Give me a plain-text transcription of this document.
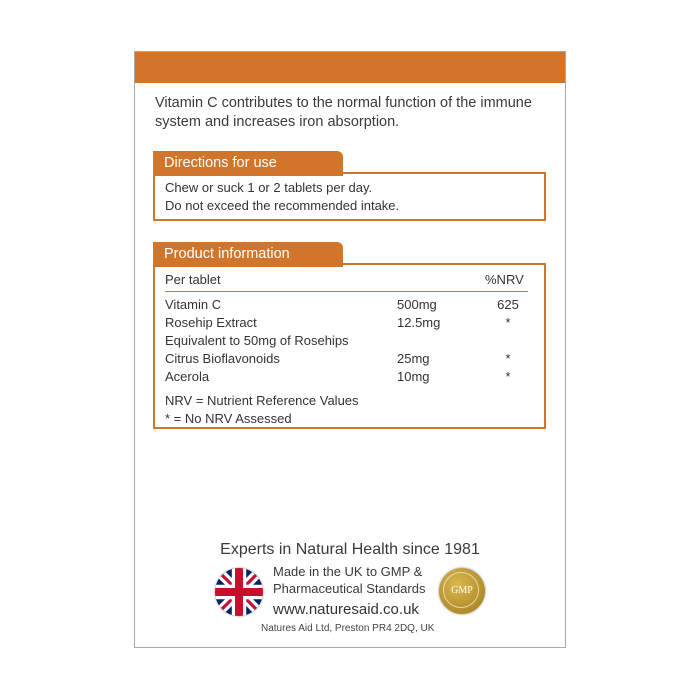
Vitamin C contributes to the normal function of the immune system and increases iron absorption.
Directions for use
Chew or suck 1 or 2 tablets per day.
Do not exceed the recommended intake.
Product information
Per tablet	%NRV
Vitamin C	500mg	625
Rosehip Extract	12.5mg	*
Equivalent to 50mg of Rosehips
Citrus Bioflavonoids	25mg	*
Acerola	10mg	*
NRV = Nutrient Reference Values
* = No NRV Assessed
Experts in Natural Health since 1981
Made in the UK to GMP &
Pharmaceutical Standards	GMP
www.naturesaid.co.uk
Natures Aid Ltd, Preston PR4 2DQ, UK
